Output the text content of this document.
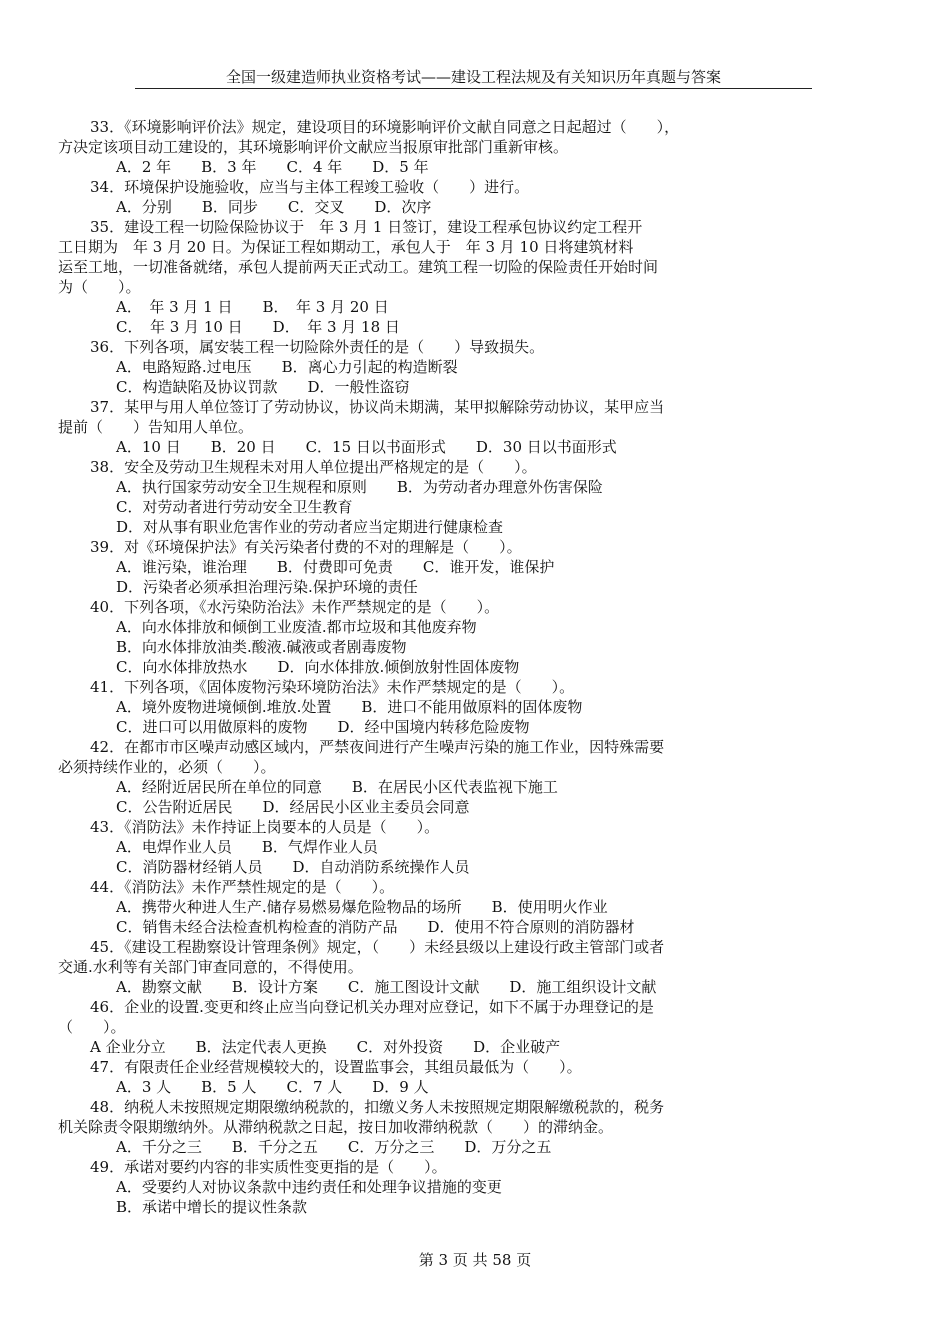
全国一级建造师执业资格考试——建设工程法规及有关知识历年真题与答案
33．《环境影响评价法》规定，建设项目的环境影响评价文献自同意之日起超过（　　），
方决定该项目动工建设的，其环境影响评价文献应当报原审批部门重新审核。
A．2 年　　B．3 年　　C．4 年　　D．5 年
34．环境保护设施验收，应当与主体工程竣工验收（　　）进行。
A．分别　　B．同步　　C．交叉　　D．次序
35．建设工程一切险保险协议于　年 3 月 1 日签订，建设工程承包协议约定工程开
工日期为　年 3 月 20 日。为保证工程如期动工，承包人于　年 3 月 10 日将建筑材料
运至工地，一切准备就绪，承包人提前两天正式动工。建筑工程一切险的保险责任开始时间
为（　　）。
A．　年 3 月 1 日　　B．　年 3 月 20 日
C．　年 3 月 10 日　　D．　年 3 月 18 日
36．下列各项，属安装工程一切险除外责任的是（　　）导致损失。
A．电路短路.过电压　　B．离心力引起的构造断裂
C．构造缺陷及协议罚款　　D．一般性盗窃
37．某甲与用人单位签订了劳动协议，协议尚未期满，某甲拟解除劳动协议，某甲应当
提前（　　）告知用人单位。
A．10 日　　B．20 日　　C．15 日以书面形式　　D．30 日以书面形式
38．安全及劳动卫生规程未对用人单位提出严格规定的是（　　）。
A．执行国家劳动安全卫生规程和原则　　B．为劳动者办理意外伤害保险
C．对劳动者进行劳动安全卫生教育
D．对从事有职业危害作业的劳动者应当定期进行健康检查
39．对《环境保护法》有关污染者付费的不对的理解是（　　）。
A．谁污染，谁治理　　B．付费即可免责　　C．谁开发，谁保护
D．污染者必须承担治理污染.保护环境的责任
40．下列各项，《水污染防治法》未作严禁规定的是（　　）。
A．向水体排放和倾倒工业废渣.都市垃圾和其他废弃物
B．向水体排放油类.酸液.碱液或者剧毒废物
C．向水体排放热水　　D．向水体排放.倾倒放射性固体废物
41．下列各项，《固体废物污染环境防治法》未作严禁规定的是（　　）。
A．境外废物进境倾倒.堆放.处置　　B．进口不能用做原料的固体废物
C．进口可以用做原料的废物　　D．经中国境内转移危险废物
42．在都市市区噪声动感区域内，严禁夜间进行产生噪声污染的施工作业，因特殊需要
必须持续作业的，必须（　　）。
A．经附近居民所在单位的同意　　B．在居民小区代表监视下施工
C．公告附近居民　　D．经居民小区业主委员会同意
43．《消防法》未作持证上岗要本的人员是（　　）。
A．电焊作业人员　　B．气焊作业人员
C．消防器材经销人员　　D．自动消防系统操作人员
44．《消防法》未作严禁性规定的是（　　）。
A．携带火种进人生产.储存易燃易爆危险物品的场所　　B．使用明火作业
C．销售未经合法检查机构检查的消防产品　　D．使用不符合原则的消防器材
45．《建设工程勘察设计管理条例》规定，（　　）未经县级以上建设行政主管部门或者
交通.水利等有关部门审查同意的，不得使用。
A．勘察文献　　B．设计方案　　C．施工图设计文献　　D．施工组织设计文献
46．企业的设置.变更和终止应当向登记机关办理对应登记，如下不属于办理登记的是
（　　）。
A 企业分立　　B．法定代表人更换　　C．对外投资　　D．企业破产
47．有限责任企业经营规模较大的，设置监事会，其组员最低为（　　）。
A．3 人　　B．5 人　　C．7 人　　D．9 人
48．纳税人未按照规定期限缴纳税款的，扣缴义务人未按照规定期限解缴税款的，税务
机关除责令限期缴纳外。从滞纳税款之日起，按日加收滞纳税款（　　）的滞纳金。
A．千分之三　　B．千分之五　　C．万分之三　　D．万分之五
49．承诺对要约内容的非实质性变更指的是（　　）。
A．受要约人对协议条款中违约责任和处理争议措施的变更
B．承诺中增长的提议性条款
第 3 页 共 58 页
